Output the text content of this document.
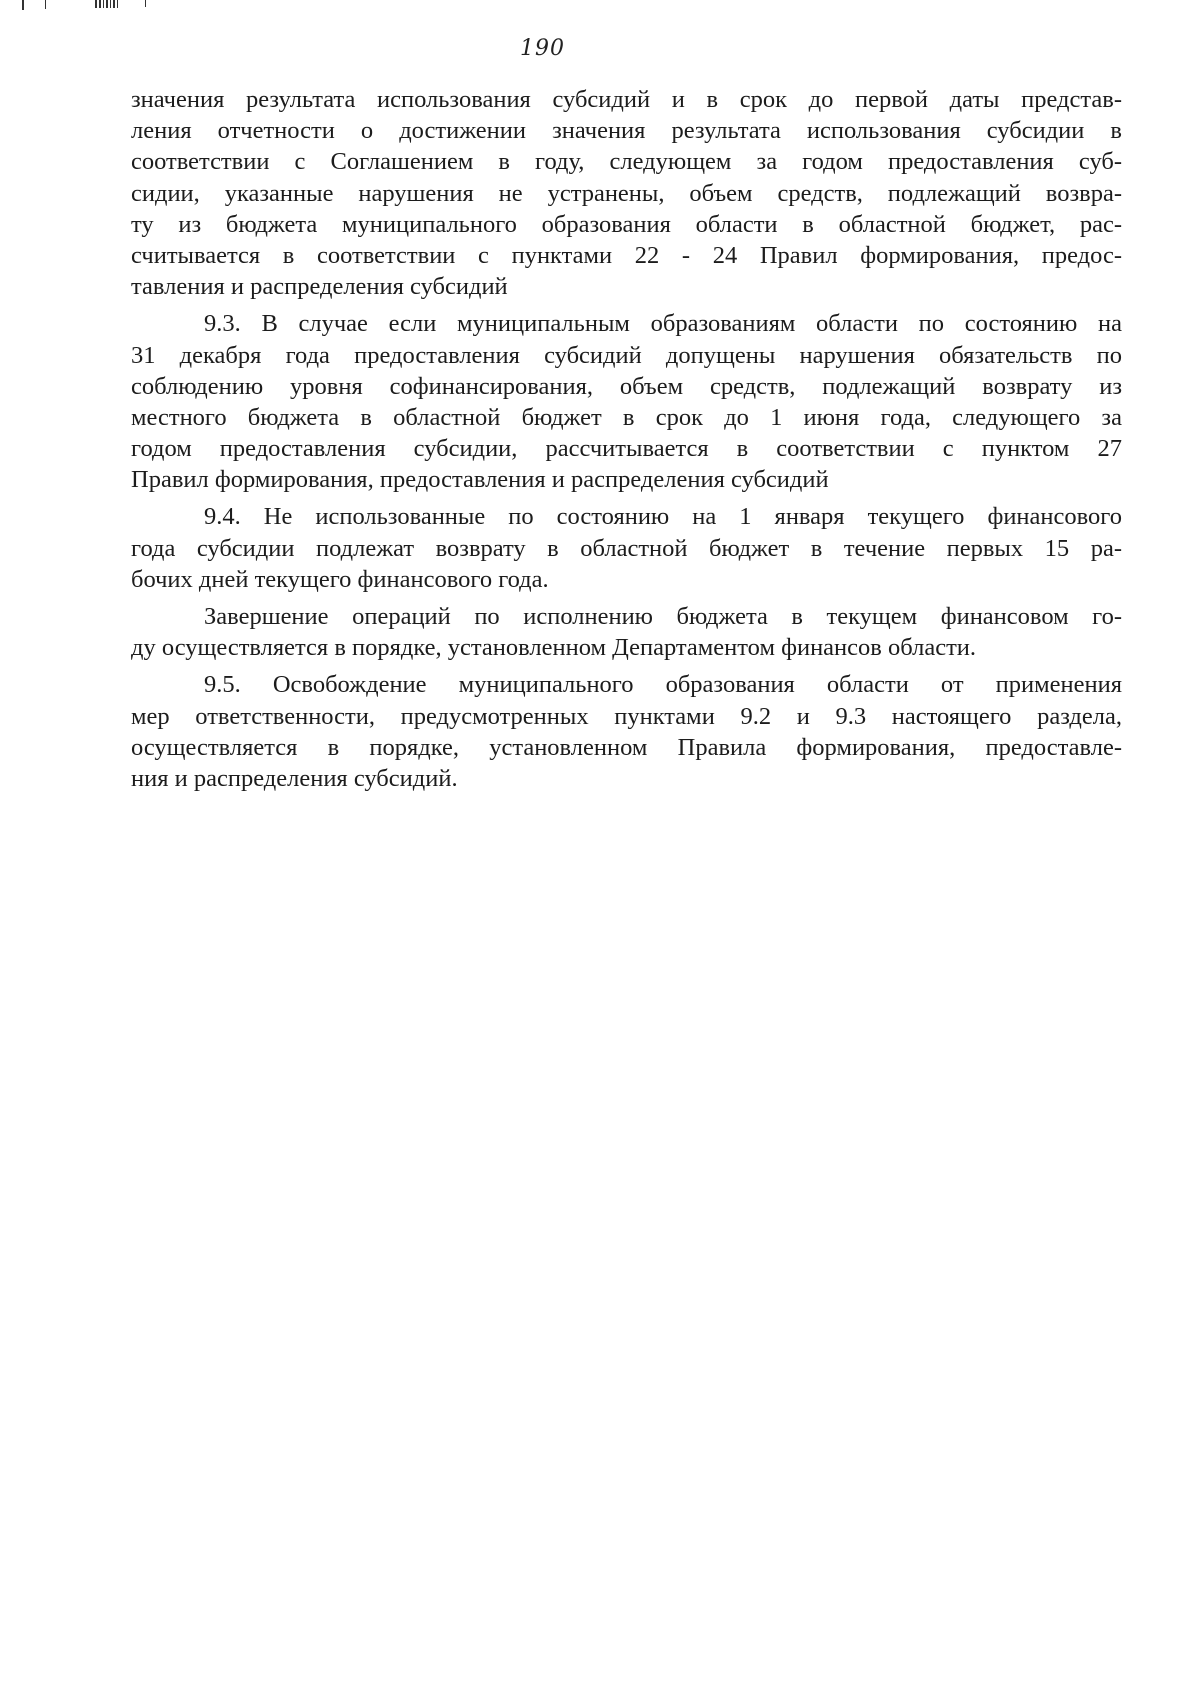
190
значения результата использования субсидий и в срок до первой даты представ-
ления отчетности о достижении значения результата использования субсидии в
соответствии с Соглашением в году, следующем за годом предоставления суб-
сидии, указанные нарушения не устранены, объем средств, подлежащий возвра-
ту из бюджета муниципального образования области в областной бюджет, рас-
считывается в соответствии с пунктами 22 - 24 Правил формирования, предос-
тавления и распределения субсидий
9.3. В случае если муниципальным образованиям области по состоянию на
31 декабря года предоставления субсидий допущены нарушения обязательств по
соблюдению уровня софинансирования, объем средств, подлежащий возврату из
местного бюджета в областной бюджет в срок до 1 июня года, следующего за
годом предоставления субсидии, рассчитывается в соответствии с пунктом 27
Правил формирования, предоставления и распределения субсидий
9.4. Не использованные по состоянию на 1 января текущего финансового
года субсидии подлежат возврату в областной бюджет в течение первых 15 ра-
бочих дней текущего финансового года.
Завершение операций по исполнению бюджета в текущем финансовом го-
ду осуществляется в порядке, установленном Департаментом финансов области.
9.5. Освобождение муниципального образования области от применения
мер ответственности, предусмотренных пунктами 9.2 и 9.3 настоящего раздела,
осуществляется в порядке, установленном Правила формирования, предоставле-
ния и распределения субсидий.
